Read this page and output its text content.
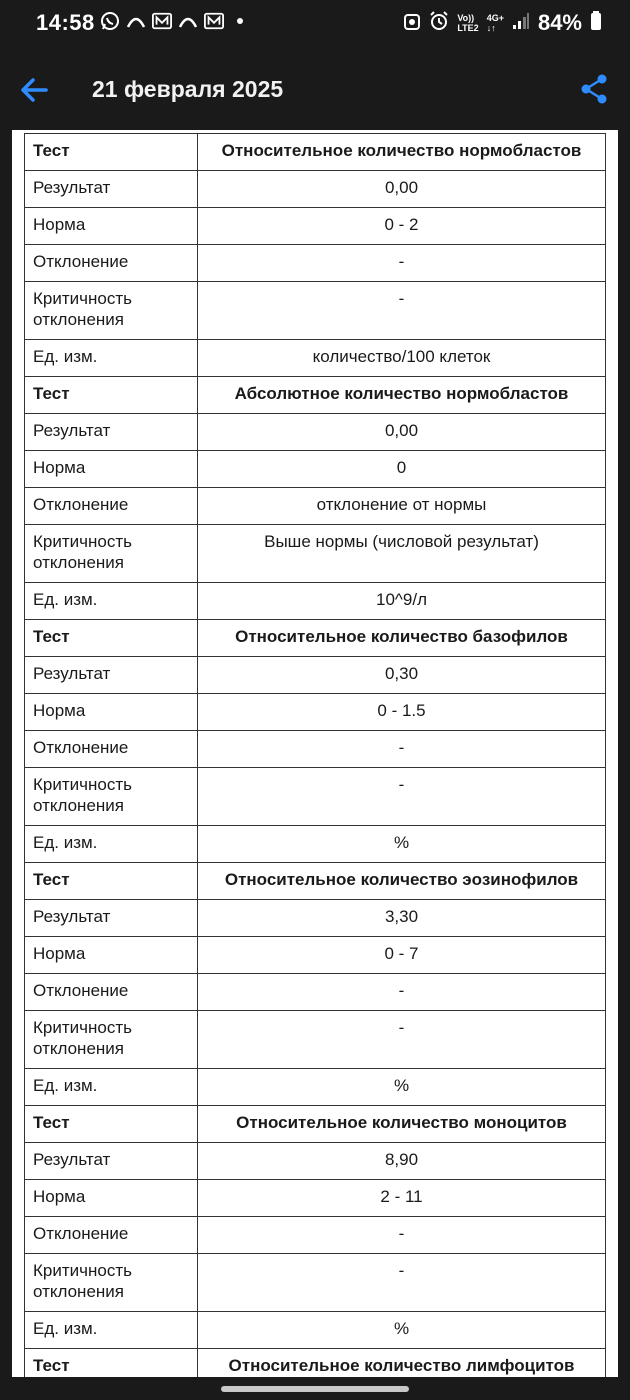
14:58	Vo))
LTE2
4G+
↓↑	84%
21 февраля 2025
Тест	Относительное количество нормобластов
Результат	0,00
Норма	0 - 2
Отклонение	-
Критичность отклонения	-
Ед. изм.	количество/100 клеток
Тест	Абсолютное количество нормобластов
Результат	0,00
Норма	0
Отклонение	отклонение от нормы
Критичность отклонения	Выше нормы (числовой результат)
Ед. изм.	10^9/л
Тест	Относительное количество базофилов
Результат	0,30
Норма	0 - 1.5
Отклонение	-
Критичность отклонения	-
Ед. изм.	%
Тест	Относительное количество эозинофилов
Результат	3,30
Норма	0 - 7
Отклонение	-
Критичность отклонения	-
Ед. изм.	%
Тест	Относительное количество моноцитов
Результат	8,90
Норма	2 - 11
Отклонение	-
Критичность отклонения	-
Ед. изм.	%
Тест	Относительное количество лимфоцитов
